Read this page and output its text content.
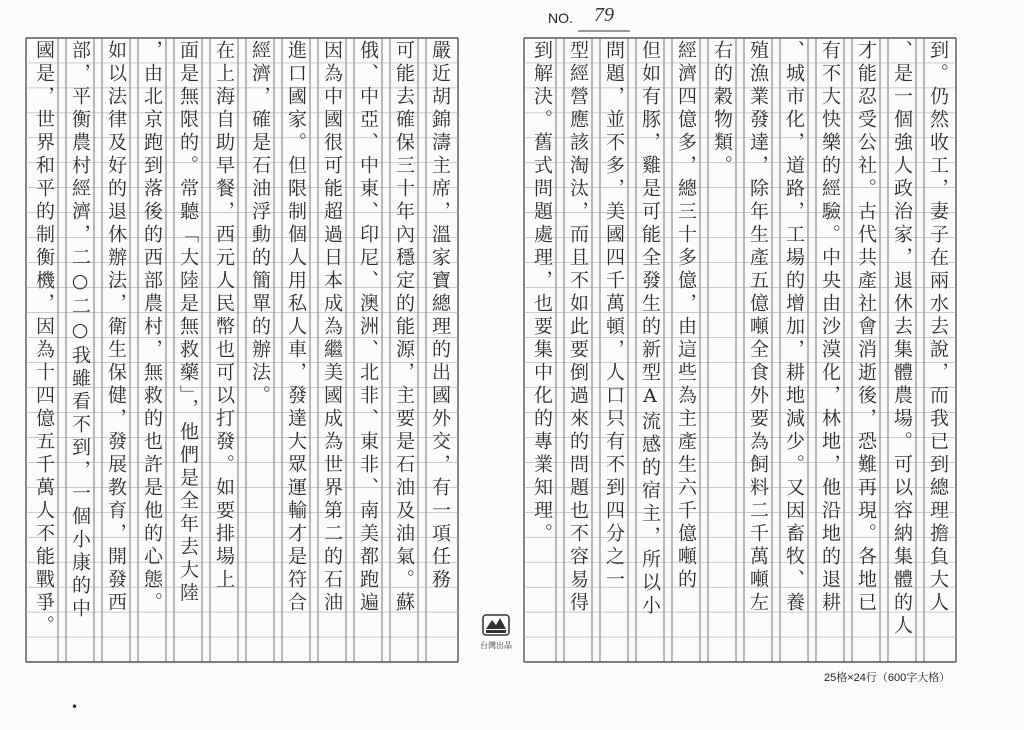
NO. 79
國是，世界和平的制衡機，因為十四億五千萬人不能戰爭。 部，平衡農村經濟，二○二○我雖看不到，一個小康的中 如以法律及好的退休辦法，衛生保健，發展教育，開發西 ，由北京跑到落後的西部農村，無救的也許是他的心態。 面是無限的。常聽「大陸是無救藥」，他們是全年去大陸 在上海自助早餐，西元人民幣也可以打發。如要排場上 經濟，確是石油浮動的簡單的辦法。 進口國家。但限制個人用私人車，發達大眾運輸才是符合 因為中國很可能超過日本成為繼美國成為世界第二的石油 俄、中亞、中東、印尼、澳洲、北非、東非、南美都跑遍 可能去確保三十年內穩定的能源，主要是石油及油氣。蘇 嚴近胡錦濤主席，溫家寶總理的出國外交，有一項任務	到解決。舊式問題處理，也要集中化的專業知理。 型經營應該淘汰，而且不如此要倒過來的問題也不容易得 問題，並不多，美國四千萬頓，人口只有不到四分之一 但如有豚，雞是可能全發生的新型A流感的宿主，所以小 經濟四億多，總三十多億，由這些為主產生六千億噸的 右的穀物類。 殖漁業發達，除年生產五億噸全食外要為飼料二千萬噸左 、城市化，道路，工場的增加，耕地減少。又因畜牧、養 有不大快樂的經驗。中央由沙漠化，林地，他沿地的退耕 才能忍受公社。古代共產社會消逝後，恐難再現。各地已 、是一個強人政治家，退休去集體農場。可以容納集體的人 到。仍然收工，妻子在兩水去說，而我已到總理擔負大人
台灣出品
25格×24行（600字大格）
•
